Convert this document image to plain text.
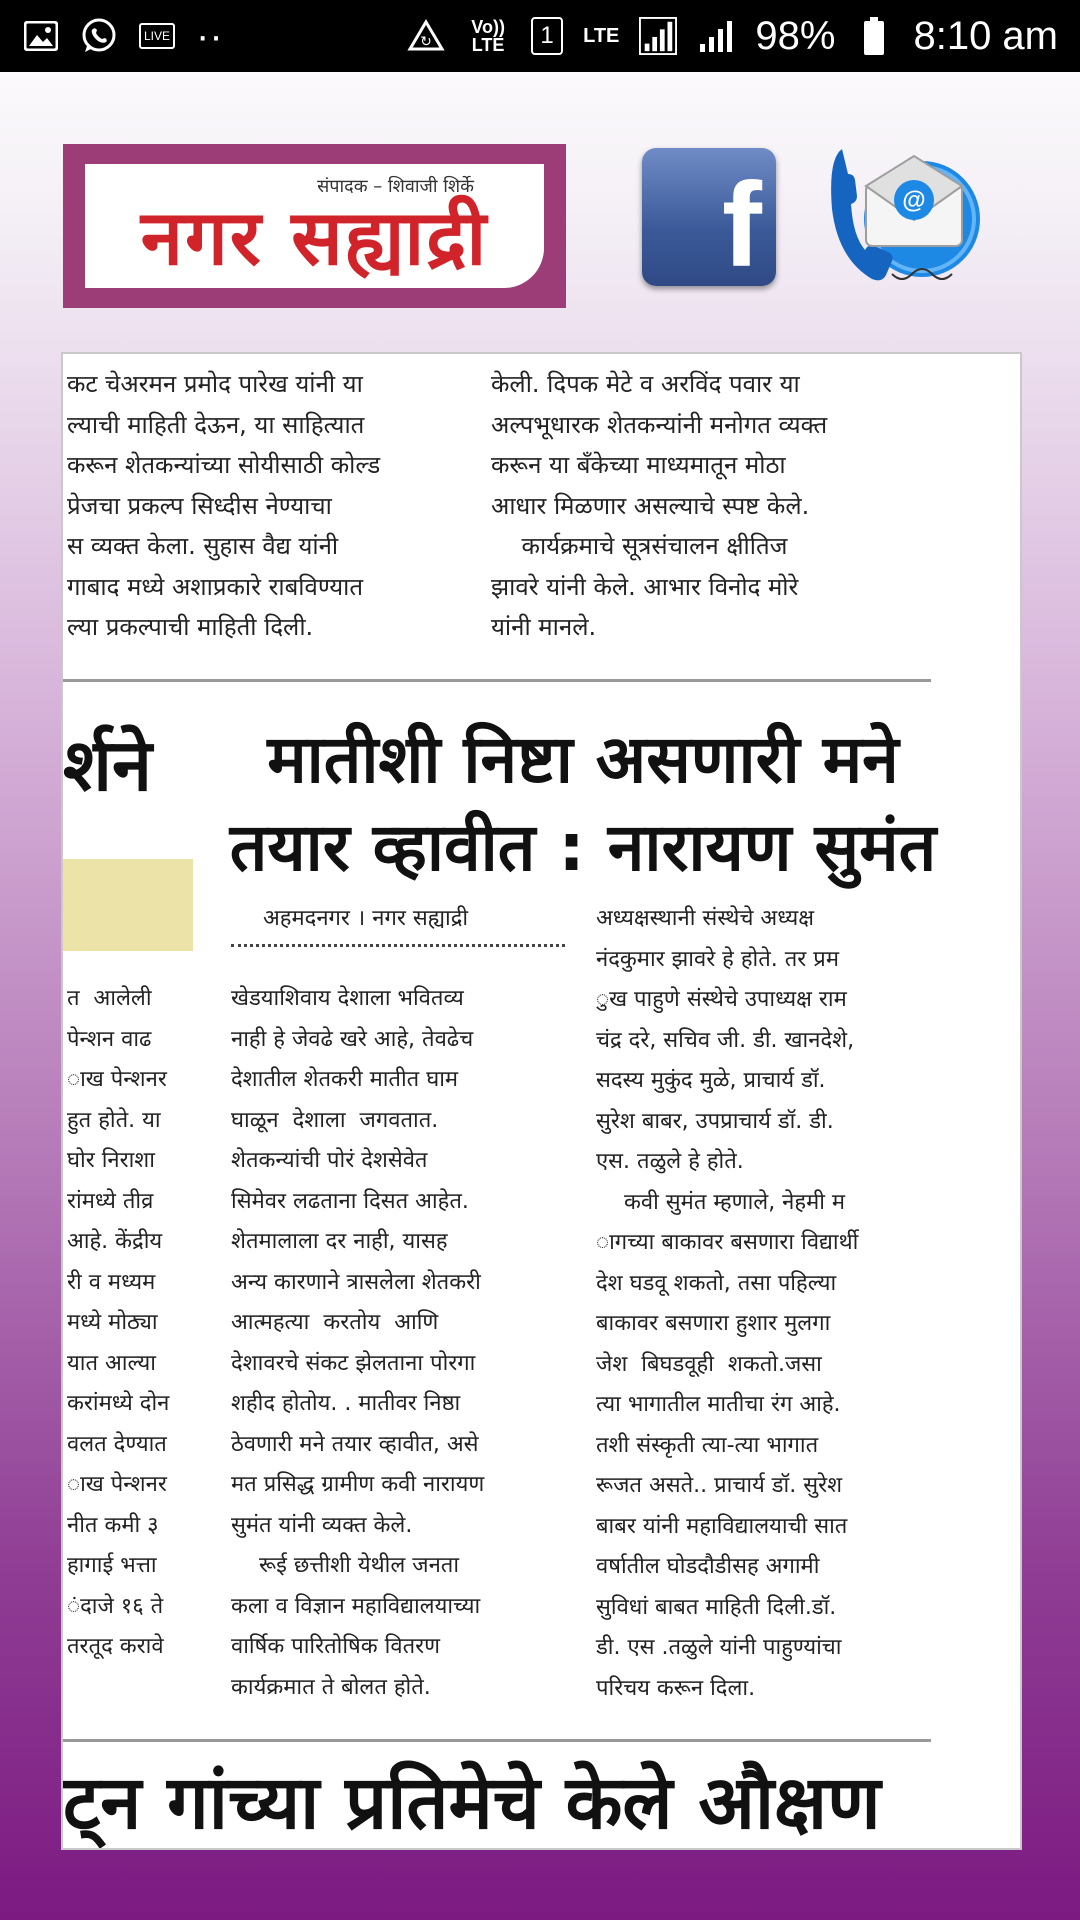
LIVE ··	↻
Vo)) LTE	1	LTE	98% 8:10 am
संपादक – शिवाजी शिर्के
नगर सह्याद्री f	@
कट चेअरमन प्रमोद पारेख यांनी या
ल्याची माहिती देऊन, या साहित्यात
करून शेतकन्यांच्या सोयीसाठी कोल्ड
प्रेजचा प्रकल्प सिध्दीस नेण्याचा
स व्यक्त केला. सुहास वैद्य यांनी
गाबाद मध्ये अशाप्रकारे राबविण्यात
ल्या प्रकल्पाची माहिती दिली.
केली. दिपक मेटे व अरविंद पवार या
अल्पभूधारक शेतकन्यांनी मनोगत व्यक्त
करून या बँकेच्या माध्यमातून मोठा
आधार मिळणार असल्याचे स्पष्ट केले.
कार्यक्रमाचे सूत्रसंचालन क्षीतिज
झावरे यांनी केले. आभार विनोद मोरे
यांनी मानले.
र्शने	मातीशी निष्टा असणारी मने
तयार व्हावीत : नारायण सुमंत
अहमदनगर । नगर सह्याद्री
त  आलेली
पेन्शन वाढ
ाख पेन्शनर
हुत होते. या
घोर निराशा
रांमध्ये तीव्र
आहे. केंद्रीय
री व मध्यम
मध्ये मोठ्या
यात आल्या
करांमध्ये दोन
वलत देण्यात
ाख पेन्शनर
नीत कमी ३
हागाई भत्ता
ंदाजे १६ ते
तरतूद करावे
खेडयाशिवाय देशाला भवितव्य
नाही हे जेवढे खरे आहे, तेवढेच
देशातील शेतकरी मातीत घाम
घाळून  देशाला  जगवतात.
शेतकन्यांची पोरं देशसेवेत
सिमेवर लढताना दिसत आहेत.
शेतमालाला दर नाही, यासह
अन्य कारणाने त्रासलेला शेतकरी
आत्महत्या  करतोय  आणि
देशावरचे संकट झेलताना पोरगा
शहीद होतोय. . मातीवर निष्ठा
ठेवणारी मने तयार व्हावीत, असे
मत प्रसिद्ध ग्रामीण कवी नारायण
सुमंत यांनी व्यक्त केले.
रूई छत्तीशी येथील जनता
कला व विज्ञान महाविद्यालयाच्या
वार्षिक पारितोषिक वितरण
कार्यक्रमात ते बोलत होते.
अध्यक्षस्थानी संस्थेचे अध्यक्ष
नंदकुमार झावरे हे होते. तर प्रम
ुख पाहुणे संस्थेचे उपाध्यक्ष राम
चंद्र दरे, सचिव जी. डी. खानदेशे,
सदस्य मुकुंद मुळे, प्राचार्य डॉ.
सुरेश बाबर, उपप्राचार्य डॉ. डी.
एस. तळुले हे होते.
कवी सुमंत म्हणाले, नेहमी म
ागच्या बाकावर बसणारा विद्यार्थी
देश घडवू शकतो, तसा पहिल्या
बाकावर बसणारा हुशार मुलगा
जेश  बिघडवूही  शकतो.जसा
त्या भागातील मातीचा रंग आहे.
तशी संस्कृती त्या-त्या भागात
रूजत असते.. प्राचार्य डॉ. सुरेश
बाबर यांनी महाविद्यालयाची सात
वर्षातील घोडदौडीसह अगामी
सुविधां बाबत माहिती दिली.डॉ.
डी. एस .तळुले यांनी पाहुण्यांचा
परिचय करून दिला.
ट्न गांच्या प्रतिमेचे केले औक्षण
